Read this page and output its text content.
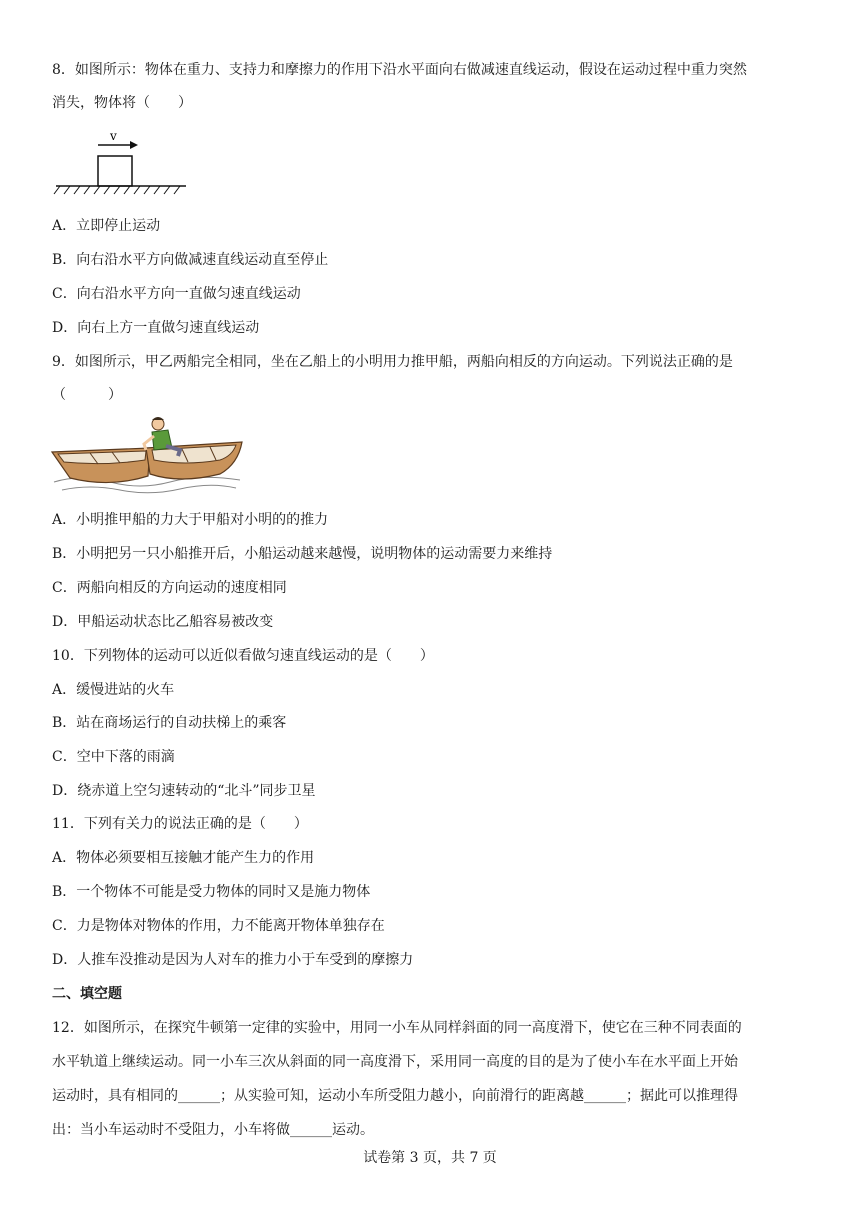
8．如图所示：物体在重力、支持力和摩擦力的作用下沿水平面向右做减速直线运动，假设在运动过程中重力突然
消失，物体将（　　）
v
A．立即停止运动
B．向右沿水平方向做减速直线运动直至停止
C．向右沿水平方向一直做匀速直线运动
D．向右上方一直做匀速直线运动
9．如图所示，甲乙两船完全相同，坐在乙船上的小明用力推甲船，两船向相反的方向运动。下列说法正确的是
（　　　）
A．小明推甲船的力大于甲船对小明的的推力
B．小明把另一只小船推开后，小船运动越来越慢，说明物体的运动需要力来维持
C．两船向相反的方向运动的速度相同
D．甲船运动状态比乙船容易被改变
10．下列物体的运动可以近似看做匀速直线运动的是（　　）
A．缓慢进站的火车
B．站在商场运行的自动扶梯上的乘客
C．空中下落的雨滴
D．绕赤道上空匀速转动的“北斗”同步卫星
11．下列有关力的说法正确的是（　　）
A．物体必须要相互接触才能产生力的作用
B．一个物体不可能是受力物体的同时又是施力物体
C．力是物体对物体的作用，力不能离开物体单独存在
D．人推车没推动是因为人对车的推力小于车受到的摩擦力
二、填空题
12．如图所示，在探究牛顿第一定律的实验中，用同一小车从同样斜面的同一高度滑下，使它在三种不同表面的
水平轨道上继续运动。同一小车三次从斜面的同一高度滑下，采用同一高度的目的是为了使小车在水平面上开始
运动时，具有相同的______；从实验可知，运动小车所受阻力越小，向前滑行的距离越______；据此可以推理得
出：当小车运动时不受阻力，小车将做______运动。
试卷第 3 页，共 7 页
